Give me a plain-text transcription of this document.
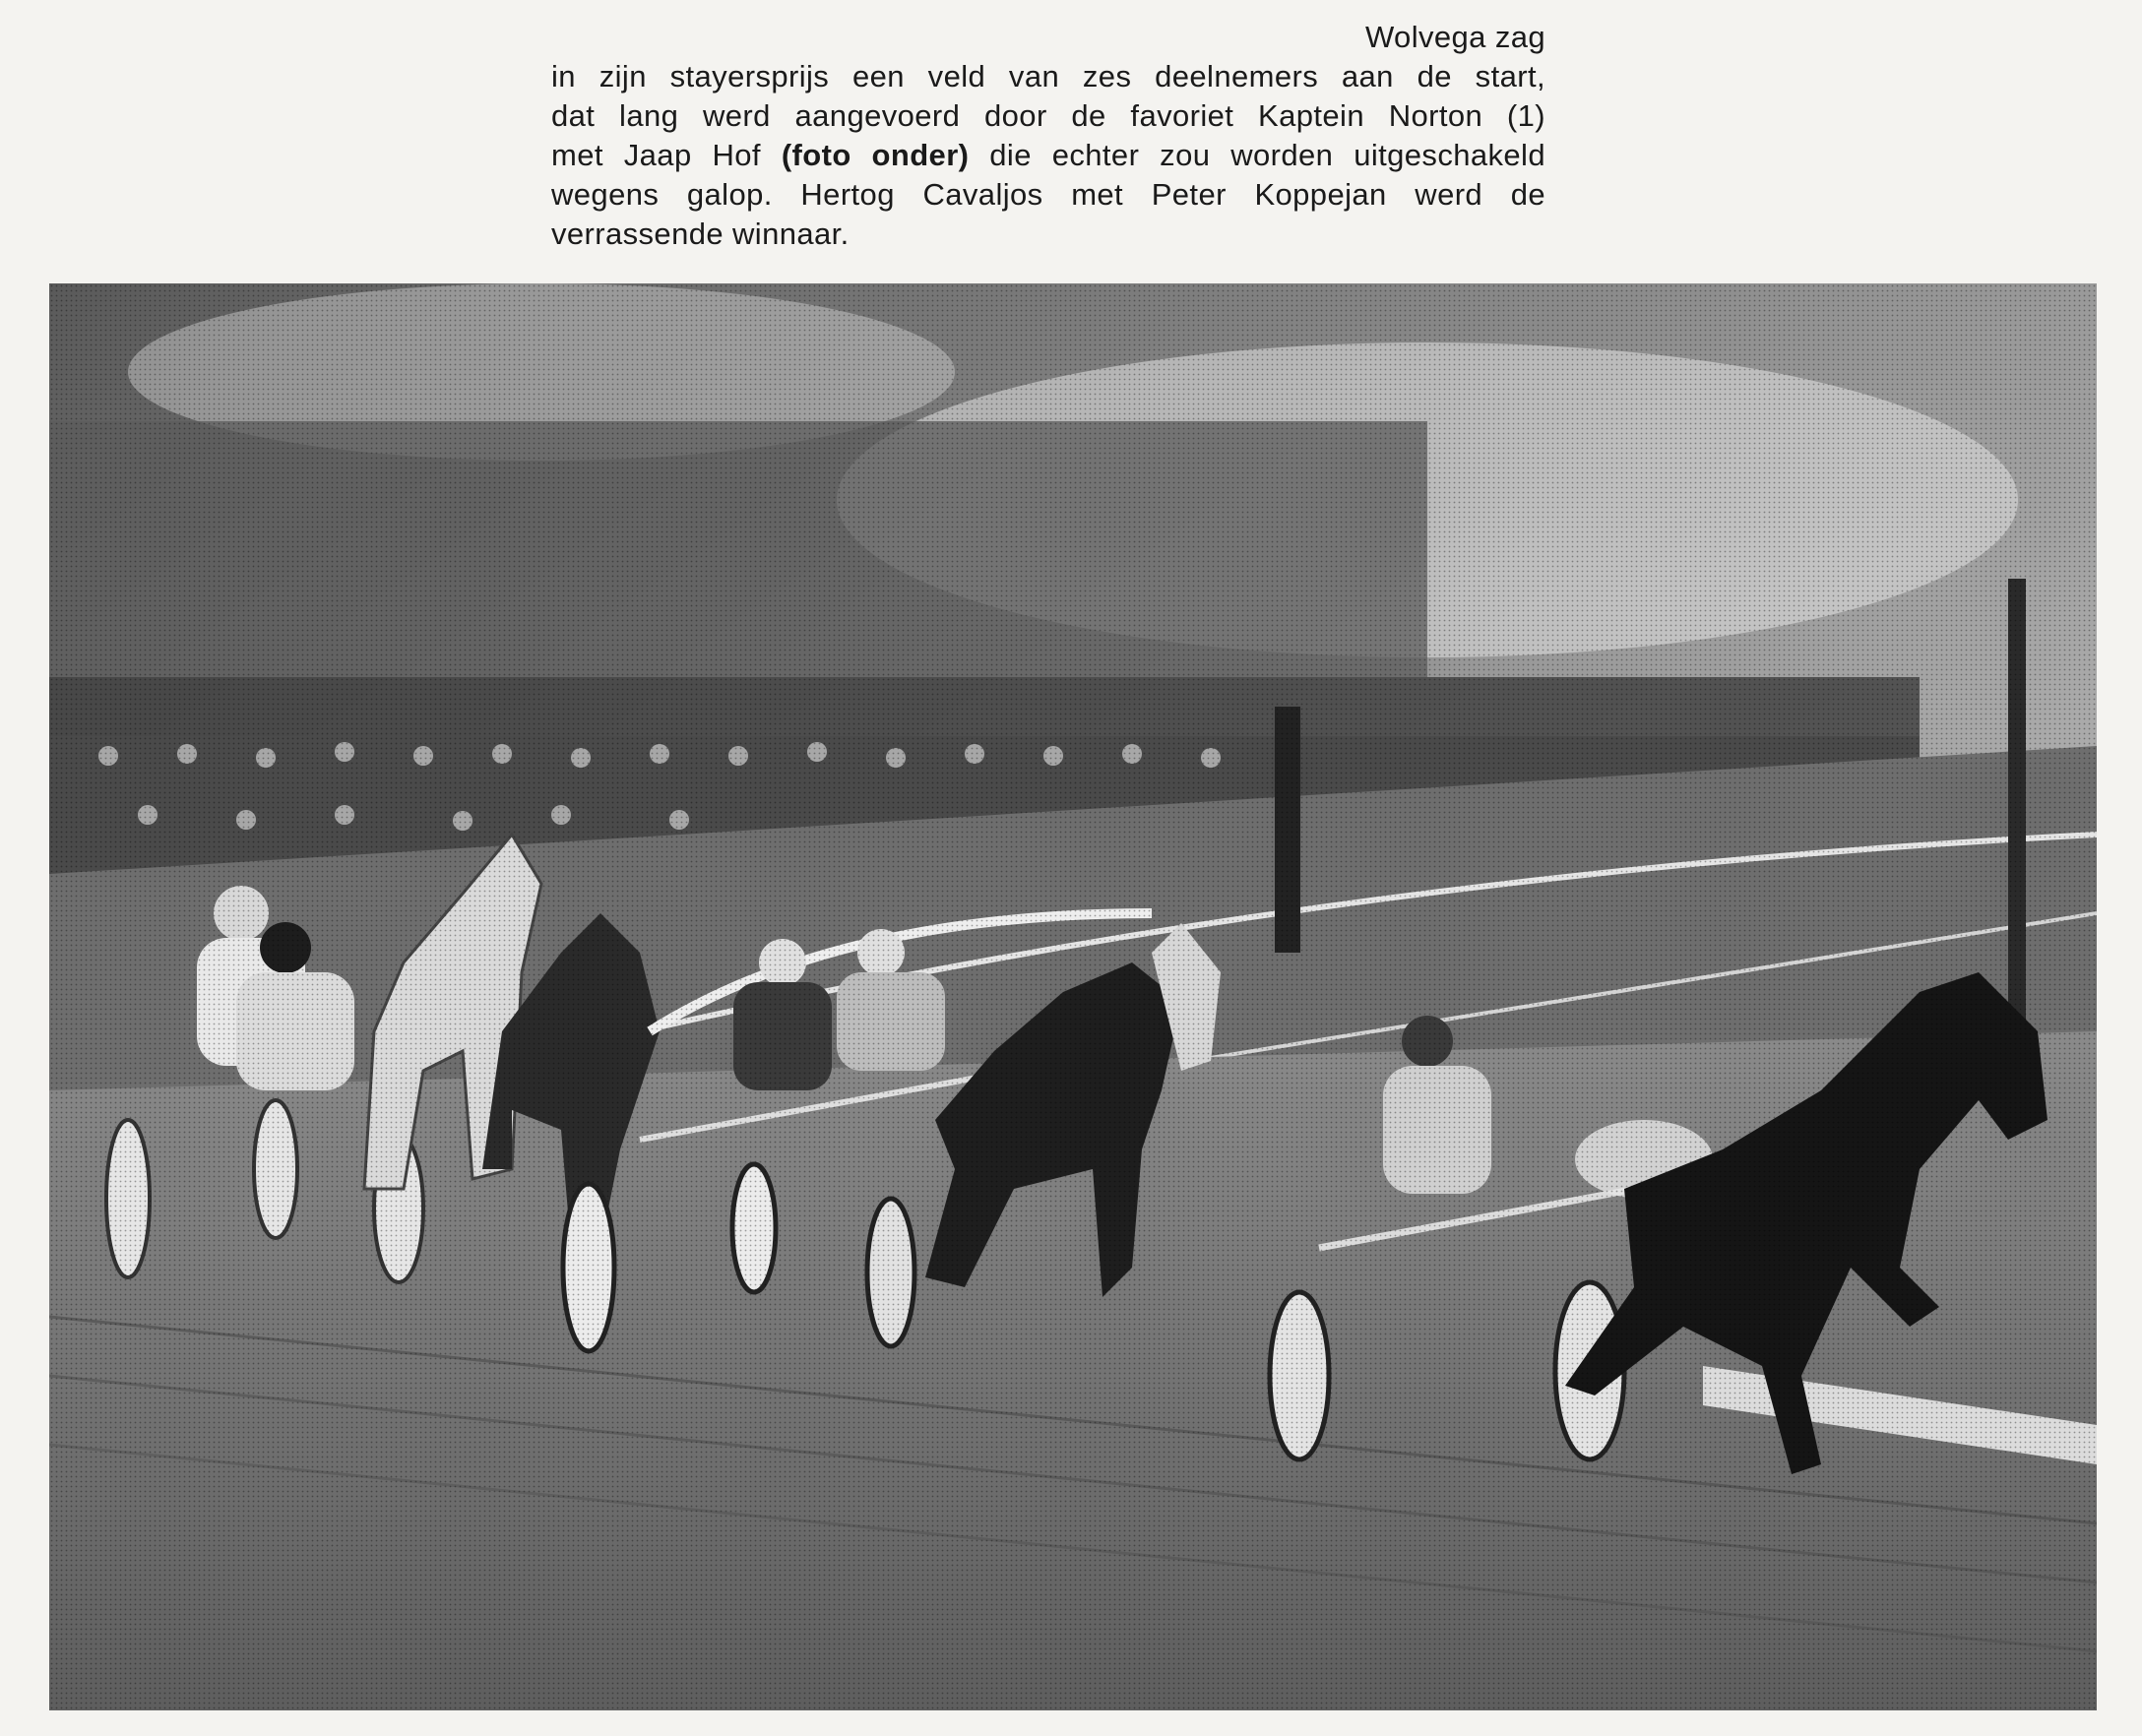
Wolvega zag
in zijn stayersprijs een veld van zes deelnemers aan de start,
dat lang werd aangevoerd door de favoriet Kaptein Norton (1)
met Jaap Hof (foto onder) die echter zou worden uitgeschakeld
wegens galop. Hertog Cavaljos met Peter Koppejan werd de
verrassende winnaar.
